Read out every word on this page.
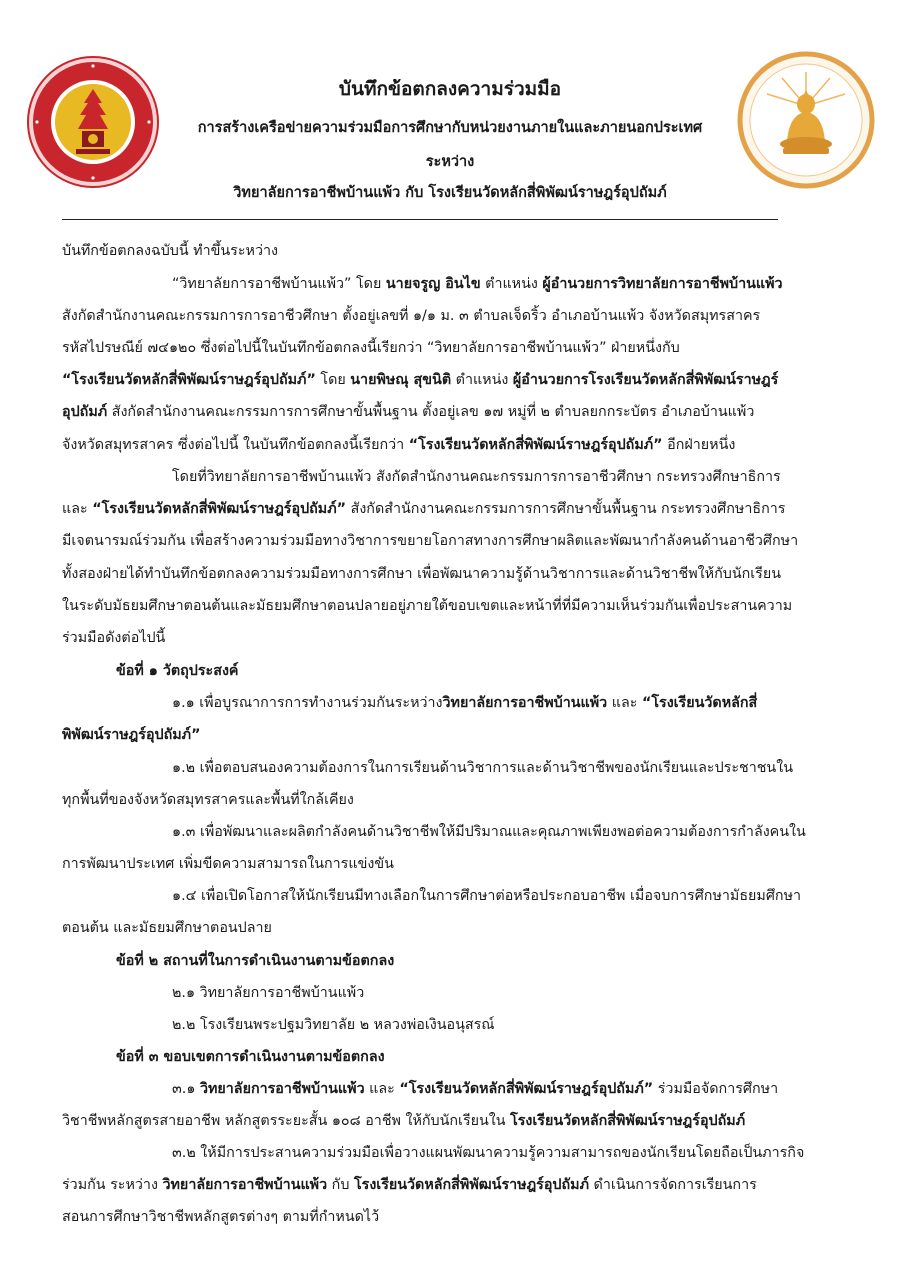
บันทึกข้อตกลงความร่วมมือ
การสร้างเครือข่ายความร่วมมือการศึกษากับหน่วยงานภายในและภายนอกประเทศ
ระหว่าง
วิทยาลัยการอาชีพบ้านแพ้ว กับ โรงเรียนวัดหลักสี่พิพัฒน์ราษฎร์อุปถัมภ์
บันทึกข้อตกลงฉบับนี้ ทำขึ้นระหว่าง
“วิทยาลัยการอาชีพบ้านแพ้ว” โดย นายจรูญ อินไข ตำแหน่ง ผู้อำนวยการวิทยาลัยการอาชีพบ้านแพ้ว
สังกัดสำนักงานคณะกรรมการการอาชีวศึกษา ตั้งอยู่เลขที่ ๑/๑ ม. ๓ ตำบลเจ็ดริ้ว อำเภอบ้านแพ้ว จังหวัดสมุทรสาคร
รหัสไปรษณีย์ ๗๔๑๒๐ ซึ่งต่อไปนี้ในบันทึกข้อตกลงนี้เรียกว่า “วิทยาลัยการอาชีพบ้านแพ้ว” ฝ่ายหนึ่งกับ
“โรงเรียนวัดหลักสี่พิพัฒน์ราษฎร์อุปถัมภ์” โดย นายพิษณุ สุขนิติ ตำแหน่ง ผู้อำนวยการโรงเรียนวัดหลักสี่พิพัฒน์ราษฎร์
อุปถัมภ์ สังกัดสำนักงานคณะกรรมการการศึกษาขั้นพื้นฐาน ตั้งอยู่เลข ๑๗ หมู่ที่ ๒ ตำบลยกกระบัตร อำเภอบ้านแพ้ว
จังหวัดสมุทรสาคร ซึ่งต่อไปนี้ ในบันทึกข้อตกลงนี้เรียกว่า “โรงเรียนวัดหลักสี่พิพัฒน์ราษฎร์อุปถัมภ์” อีกฝ่ายหนึ่ง
โดยที่วิทยาลัยการอาชีพบ้านแพ้ว สังกัดสำนักงานคณะกรรมการการอาชีวศึกษา กระทรวงศึกษาธิการ
และ “โรงเรียนวัดหลักสี่พิพัฒน์ราษฎร์อุปถัมภ์” สังกัดสำนักงานคณะกรรมการการศึกษาขั้นพื้นฐาน กระทรวงศึกษาธิการ
มีเจตนารมณ์ร่วมกัน เพื่อสร้างความร่วมมือทางวิชาการขยายโอกาสทางการศึกษาผลิตและพัฒนากำลังคนด้านอาชีวศึกษา
ทั้งสองฝ่ายได้ทำบันทึกข้อตกลงความร่วมมือทางการศึกษา เพื่อพัฒนาความรู้ด้านวิชาการและด้านวิชาชีพให้กับนักเรียน
ในระดับมัธยมศึกษาตอนต้นและมัธยมศึกษาตอนปลายอยู่ภายใต้ขอบเขตและหน้าที่ที่มีความเห็นร่วมกันเพื่อประสานความ
ร่วมมือดังต่อไปนี้
ข้อที่ ๑ วัตถุประสงค์
๑.๑ เพื่อบูรณาการการทำงานร่วมกันระหว่างวิทยาลัยการอาชีพบ้านแพ้ว และ “โรงเรียนวัดหลักสี่
พิพัฒน์ราษฎร์อุปถัมภ์”
๑.๒ เพื่อตอบสนองความต้องการในการเรียนด้านวิชาการและด้านวิชาชีพของนักเรียนและประชาชนใน
ทุกพื้นที่ของจังหวัดสมุทรสาครและพื้นที่ใกล้เคียง
๑.๓ เพื่อพัฒนาและผลิตกำลังคนด้านวิชาชีพให้มีปริมาณและคุณภาพเพียงพอต่อความต้องการกำลังคนใน
การพัฒนาประเทศ เพิ่มขีดความสามารถในการแข่งขัน
๑.๔ เพื่อเปิดโอกาสให้นักเรียนมีทางเลือกในการศึกษาต่อหรือประกอบอาชีพ เมื่อจบการศึกษามัธยมศึกษา
ตอนต้น และมัธยมศึกษาตอนปลาย
ข้อที่ ๒ สถานที่ในการดำเนินงานตามข้อตกลง
๒.๑ วิทยาลัยการอาชีพบ้านแพ้ว
๒.๒ โรงเรียนพระปฐมวิทยาลัย ๒ หลวงพ่อเงินอนุสรณ์
ข้อที่ ๓ ขอบเขตการดำเนินงานตามข้อตกลง
๓.๑ วิทยาลัยการอาชีพบ้านแพ้ว และ “โรงเรียนวัดหลักสี่พิพัฒน์ราษฎร์อุปถัมภ์” ร่วมมือจัดการศึกษา
วิชาชีพหลักสูตรสายอาชีพ หลักสูตรระยะสั้น ๑๐๘ อาชีพ ให้กับนักเรียนใน โรงเรียนวัดหลักสี่พิพัฒน์ราษฎร์อุปถัมภ์
๓.๒ ให้มีการประสานความร่วมมือเพื่อวางแผนพัฒนาความรู้ความสามารถของนักเรียนโดยถือเป็นภารกิจ
ร่วมกัน ระหว่าง วิทยาลัยการอาชีพบ้านแพ้ว กับ โรงเรียนวัดหลักสี่พิพัฒน์ราษฎร์อุปถัมภ์ ดำเนินการจัดการเรียนการ
สอนการศึกษาวิชาชีพหลักสูตรต่างๆ ตามที่กำหนดไว้
